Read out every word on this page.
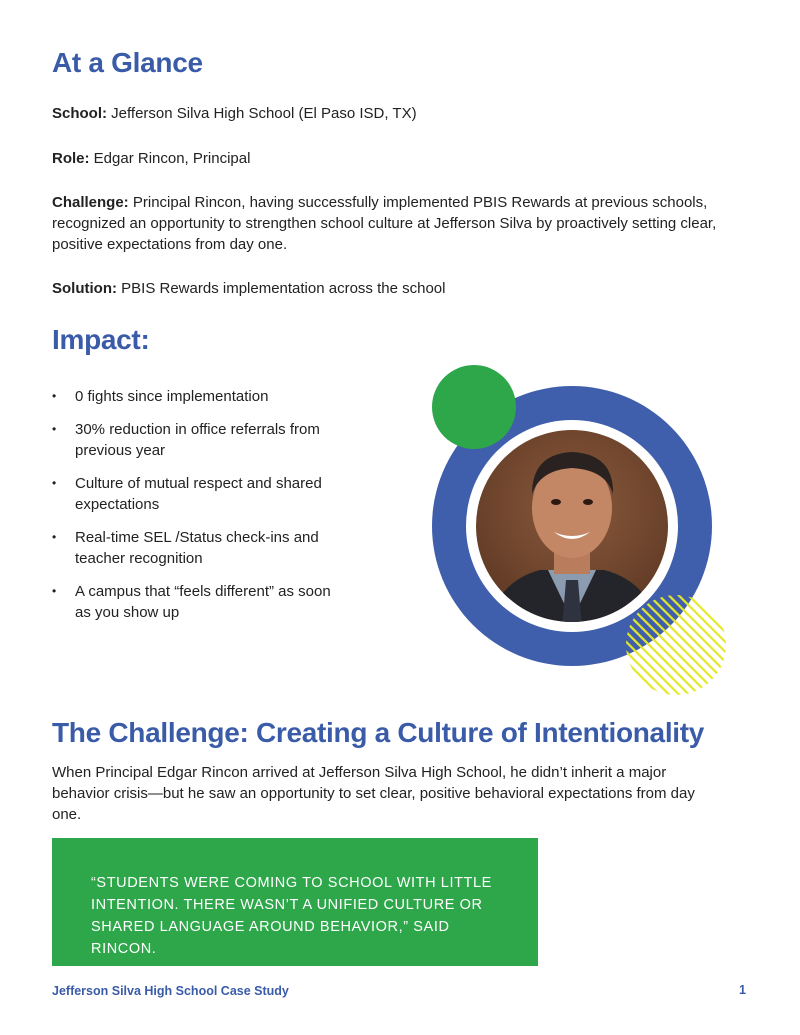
At a Glance
School: Jefferson Silva High School (El Paso ISD, TX)
Role: Edgar Rincon, Principal
Challenge: Principal Rincon, having successfully implemented PBIS Rewards at previous schools, recognized an opportunity to strengthen school culture at Jefferson Silva by proactively setting clear, positive expectations from day one.
Solution: PBIS Rewards implementation across the school
Impact:
• 0 fights since implementation
• 30% reduction in office referrals from previous year
• Culture of mutual respect and shared expectations
• Real-time SEL /Status check-ins and teacher recognition
• A campus that “feels different” as soon as you show up
The Challenge: Creating a Culture of Intentionality
When Principal Edgar Rincon arrived at Jefferson Silva High School, he didn’t inherit a major behavior crisis—but he saw an opportunity to set clear, positive behavioral expectations from day one.
“STUDENTS WERE COMING TO SCHOOL WITH LITTLE INTENTION. THERE WASN’T A UNIFIED CULTURE OR SHARED LANGUAGE AROUND BEHAVIOR,” SAID RINCON.
Jefferson Silva High School Case Study	1
